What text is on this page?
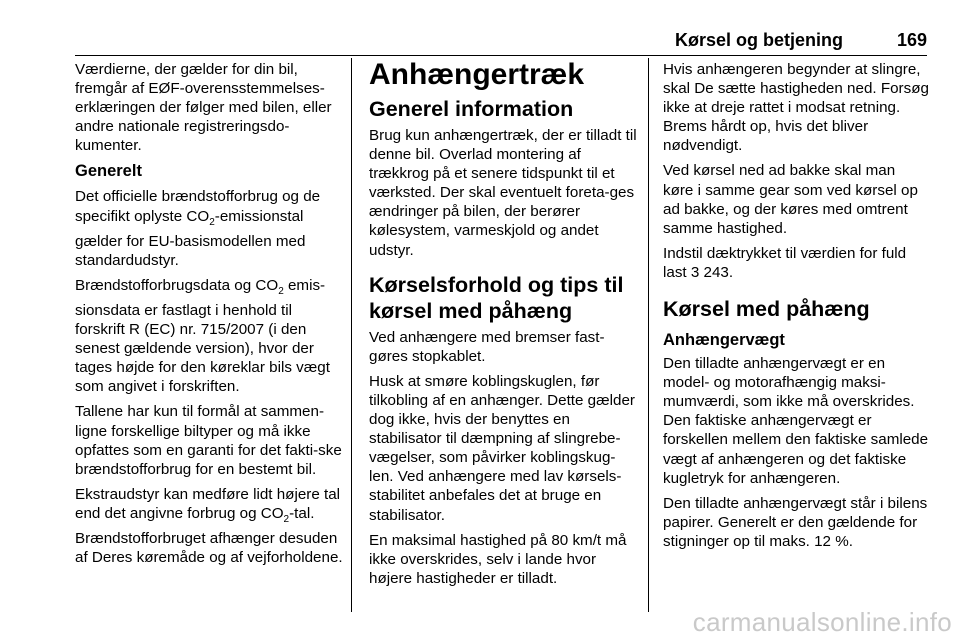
Kørsel og betjening	169

Værdierne, der gælder for din bil, fremgår af EØF-overensstemmelses-erklæringen der følger med bilen, eller andre nationale registreringsdo-kumenter.

Generelt

Det officielle brændstofforbrug og de specifikt oplyste $CO_2$-emissionstal gælder for EU-basismodellen med standardudstyr.

Brændstofforbrugsdata og $CO_2$ emis-sionsdata er fastlagt i henhold til forskrift R (EC) nr. 715/2007 (i den senest gældende version), hvor der tages højde for den køreklar bils vægt som angivet i forskriften.

Tallene har kun til formål at sammen-ligne forskellige biltyper og må ikke opfattes som en garanti for det fakti-ske brændstofforbrug for en bestemt bil.

Ekstraudstyr kan medføre lidt højere tal end det angivne forbrug og $CO_2$-tal. Brændstofforbruget afhænger desuden af Deres køremåde og af vejforholdene.

Anhængertræk
Generel information

Brug kun anhængertræk, der er tilladt til denne bil. Overlad montering af trækkrog på et senere tidspunkt til et værksted. Der skal eventuelt foreta-ges ændringer på bilen, der berører kølesystem, varmeskjold og andet udstyr.

Kørselsforhold og tips til kørsel med påhæng

Ved anhængere med bremser fast-gøres stopkablet.

Husk at smøre koblingskuglen, før tilkobling af en anhænger. Dette gælder dog ikke, hvis der benyttes en stabilisator til dæmpning af slingrebe-vægelser, som påvirker koblingskug-len. Ved anhængere med lav kørsels-stabilitet anbefales det at bruge en stabilisator.

En maksimal hastighed på 80 km/t må ikke overskrides, selv i lande hvor højere hastigheder er tilladt.

Hvis anhængeren begynder at slingre, skal De sætte hastigheden ned. Forsøg ikke at dreje rattet i modsat retning. Brems hårdt op, hvis det bliver nødvendigt.

Ved kørsel ned ad bakke skal man køre i samme gear som ved kørsel op ad bakke, og der køres med omtrent samme hastighed.

Indstil dæktrykket til værdien for fuld last 3 243.

Kørsel med påhæng
Anhængervægt

Den tilladte anhængervægt er en model- og motorafhængig maksi-mumværdi, som ikke må overskrides. Den faktiske anhængervægt er forskellen mellem den faktiske samlede vægt af anhængeren og det faktiske kugletryk for anhængeren.

Den tilladte anhængervægt står i bilens papirer. Generelt er den gældende for stigninger op til maks. 12 %.

carmanualsonline.info
